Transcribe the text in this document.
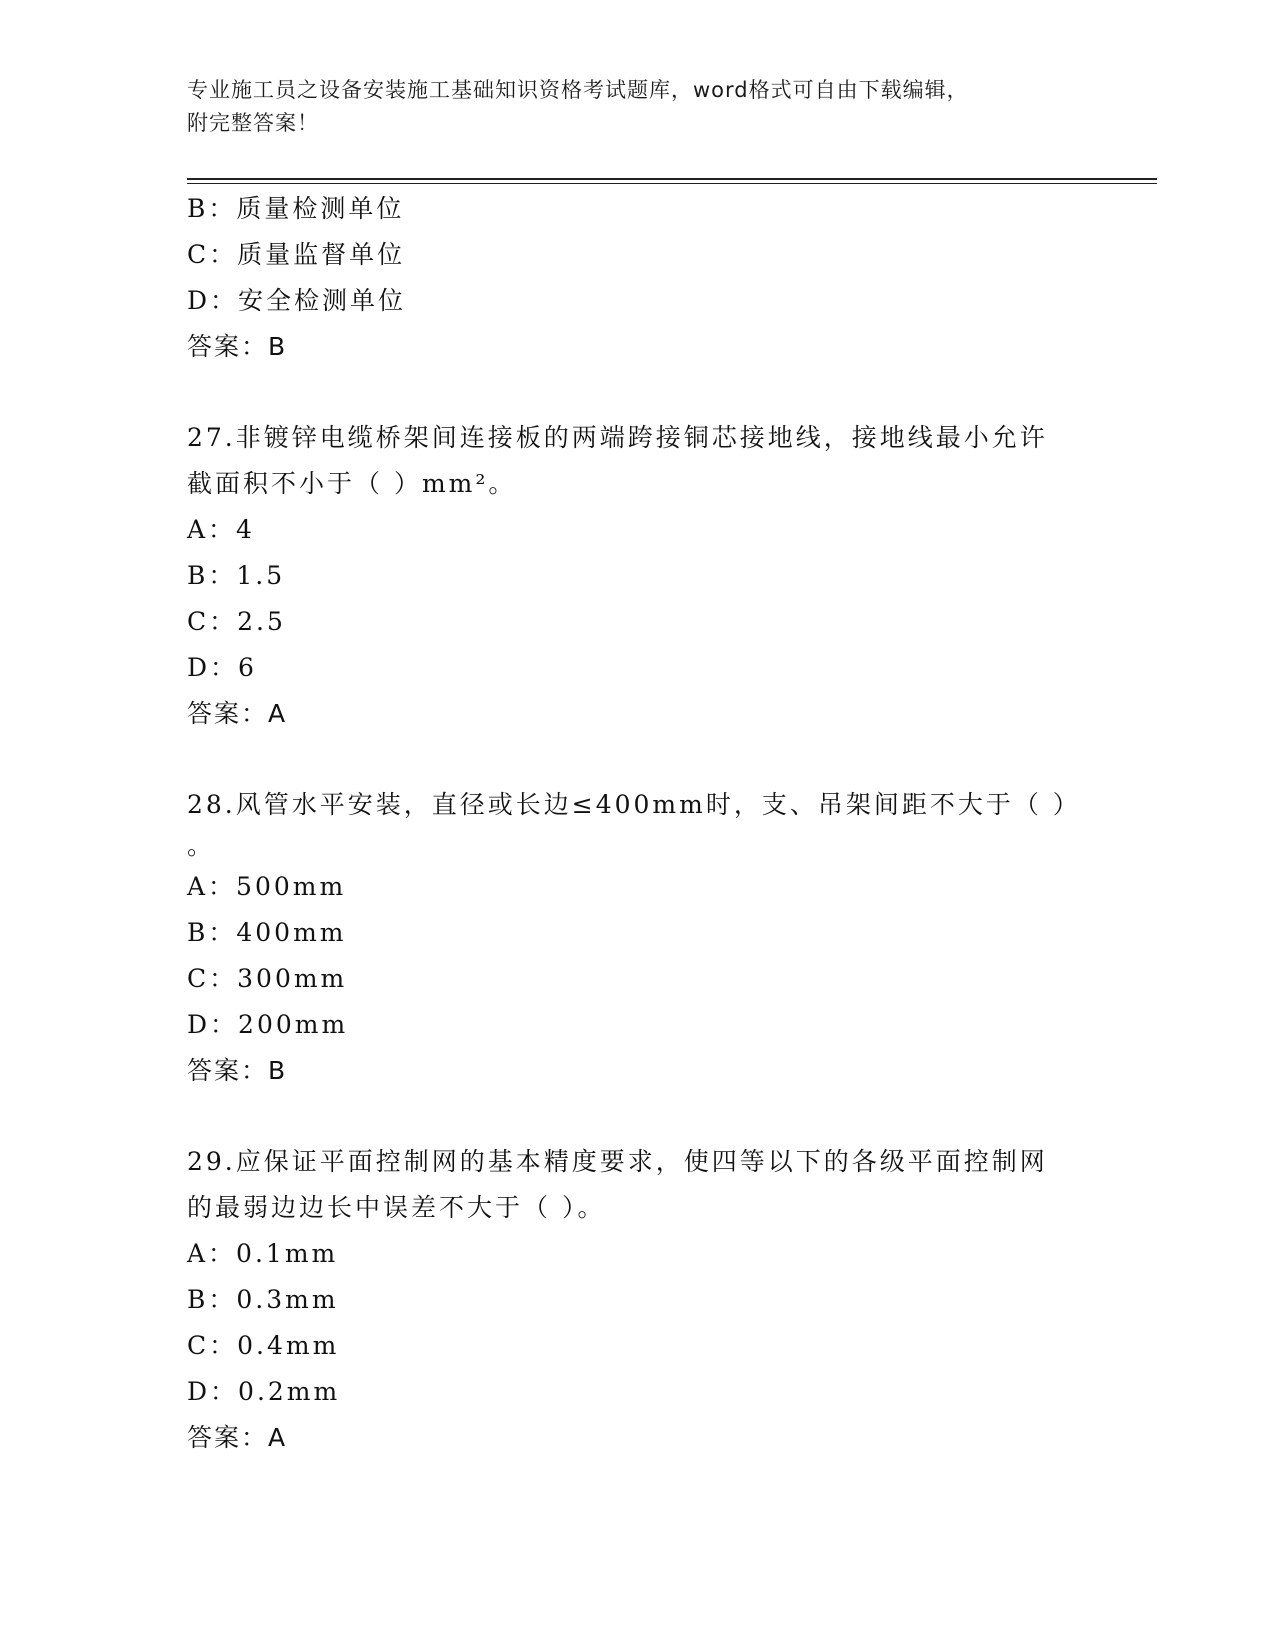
专业施工员之设备安装施工基础知识资格考试题库，word格式可自由下载编辑，
附完整答案！
B：质量检测单位
C：质量监督单位
D：安全检测单位
答案：B
27.非镀锌电缆桥架间连接板的两端跨接铜芯接地线，接地线最小允许
截面积不小于（ ）mm²。
A：4
B：1.5
C：2.5
D：6
答案：A
28.风管水平安装，直径或长边≤400mm时，支、吊架间距不大于（ ）
。
A：500mm
B：400mm
C：300mm
D：200mm
答案：B
29.应保证平面控制网的基本精度要求，使四等以下的各级平面控制网
的最弱边边长中误差不大于（ ）。
A：0.1mm
B：0.3mm
C：0.4mm
D：0.2mm
答案：A
